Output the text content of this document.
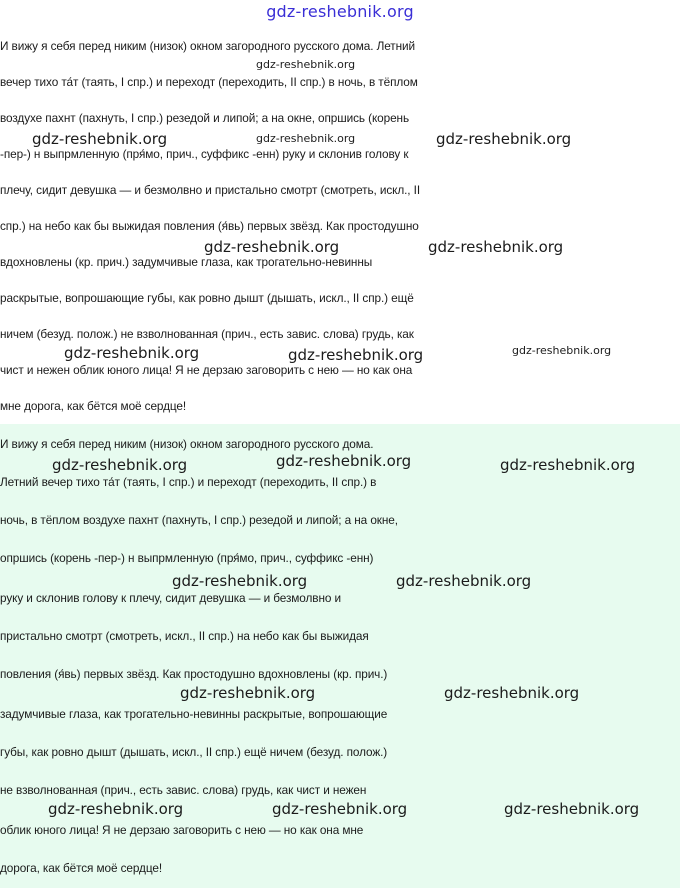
gdz-reshebnik.org
И вижу я себя перед никим (низок) окном загородного русского дома. Летний
вечер тихо та́т (таять, I спр.) и переходт (переходить, II спр.) в ночь, в тёплом
воздухе пахнт (пахнуть, I спр.) резедой и липой; а на окне, опршись (корень
-пер-) н выпрмленную (пря́мо, прич., суффикс -енн) руку и склонив голову к
плечу, сидит девушка — и безмолвно и пристально смотрт (смотреть, искл., II
спр.) на небо как бы выжидая повления (я́вь) первых звёзд. Как простодушно
вдохновлены (кр. прич.) задумчивые глаза, как трогательно-невинны
раскрытые, вопрошающие губы, как ровно дышт (дышать, искл., II спр.) ещё
ничем (безуд. полож.) не взволнованная (прич., есть завис. слова) грудь, как
чист и нежен облик юного лица! Я не дерзаю заговорить с нею — но как она
мне дорога, как бётся моё сердце!
gdz-reshebnik.org
gdz-reshebnik.org	gdz-reshebnik.org	gdz-reshebnik.org
gdz-reshebnik.org	gdz-reshebnik.org
gdz-reshebnik.org	gdz-reshebnik.org	gdz-reshebnik.org
И вижу я себя перед никим (низок) окном загородного русского дома.
Летний вечер тихо та́т (таять, I спр.) и переходт (переходить, II спр.) в
ночь, в тёплом воздухе пахнт (пахнуть, I спр.) резедой и липой; а на окне,
опршись (корень -пер-) н выпрмленную (пря́мо, прич., суффикс -енн)
руку и склонив голову к плечу, сидит девушка — и безмолвно и
пристально смотрт (смотреть, искл., II спр.) на небо как бы выжидая
повления (я́вь) первых звёзд. Как простодушно вдохновлены (кр. прич.)
задумчивые глаза, как трогательно-невинны раскрытые, вопрошающие
губы, как ровно дышт (дышать, искл., II спр.) ещё ничем (безуд. полож.)
не взволнованная (прич., есть завис. слова) грудь, как чист и нежен
облик юного лица! Я не дерзаю заговорить с нею — но как она мне
дорога, как бётся моё сердце!
gdz-reshebnik.org	gdz-reshebnik.org	gdz-reshebnik.org
gdz-reshebnik.org	gdz-reshebnik.org
gdz-reshebnik.org	gdz-reshebnik.org
gdz-reshebnik.org	gdz-reshebnik.org	gdz-reshebnik.org
